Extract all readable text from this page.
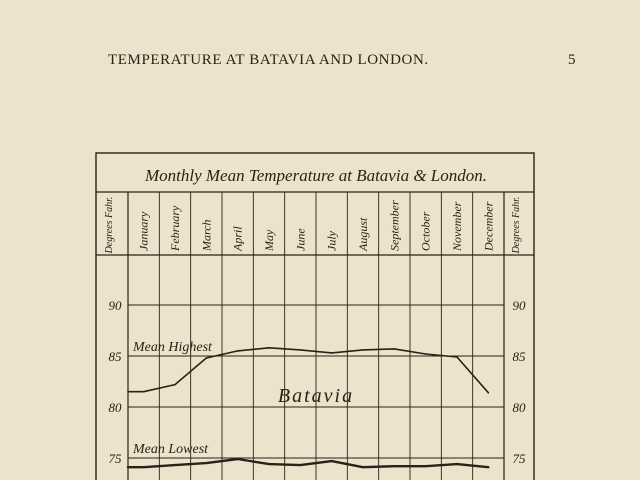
TEMPERATURE AT BATAVIA AND LONDON.	5
Monthly Mean Temperature at Batavia & London.
Degrees Fahr.	Degrees Fahr.
January February March April May June July August September October November December
75	75
80	80
85	85
90	90
Mean Highest
Mean Lowest
Batavia
